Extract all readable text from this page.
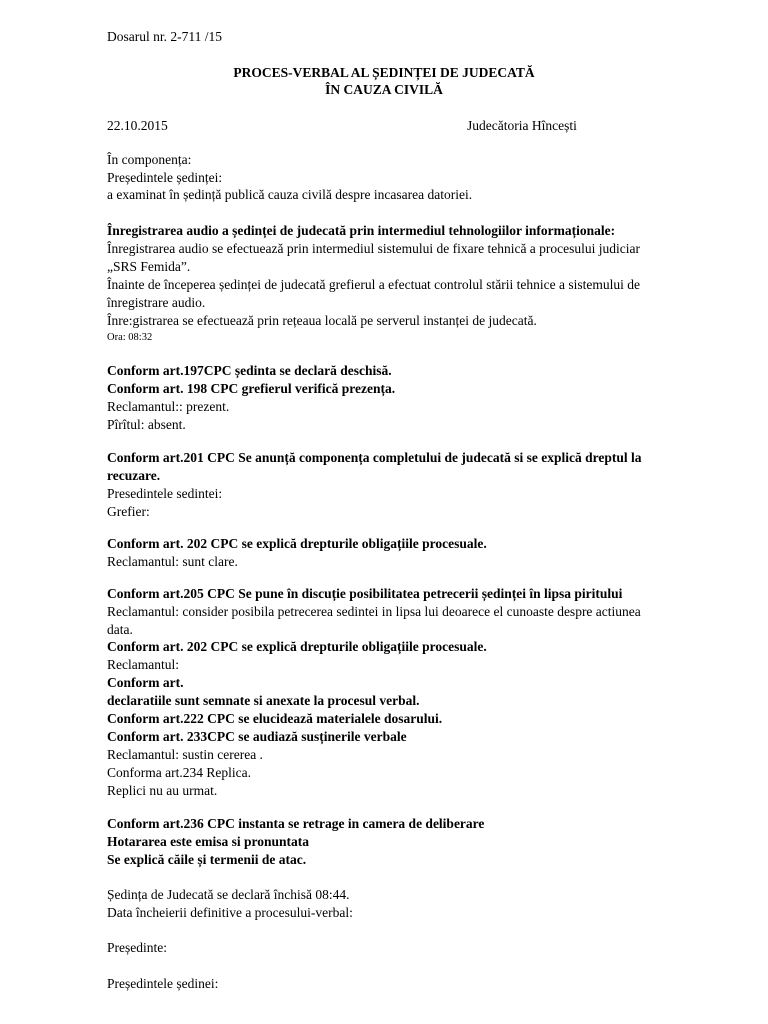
Dosarul nr. 2-711 /15
PROCES-VERBAL AL ȘEDINȚEI DE JUDECATĂ
ÎN CAUZA CIVILĂ
22.10.2015	Judecătoria Hîncești
În componența:
Președintele ședinței:
a examinat în ședință publică cauza civilă despre incasarea datoriei.
Înregistrarea audio a ședinței de judecată prin intermediul tehnologiilor informaționale:
Înregistrarea audio se efectuează prin intermediul sistemului de fixare tehnică a procesului judiciar
„SRS Femida”.
Înainte de începerea ședinței de judecată grefierul a efectuat controlul stării tehnice a sistemului de
înregistrare audio.
Înre:gistrarea se efectuează prin rețeaua locală pe serverul instanței de judecată.
Ora: 08:32
Conform art.197CPC ședinta se declară deschisă.
Conform art. 198 CPC grefierul verifică prezența.
Reclamantul:: prezent.
Pîrîtul: absent.
Conform art.201 CPC Se anunță componența completului de judecată si se explică dreptul la
recuzare.
Presedintele sedintei:
Grefier:
Conform art. 202 CPC se explică drepturile obligațiile procesuale.
Reclamantul: sunt clare.
Conform art.205 CPC Se pune în discuție posibilitatea petrecerii ședinței în lipsa piritului
Reclamantul: consider posibila petrecerea sedintei in lipsa lui deoarece el cunoaste despre actiunea
data.
Conform art. 202 CPC se explică drepturile obligațiile procesuale.
Reclamantul:
Conform art.
declaratiile sunt semnate si anexate la procesul verbal.
Conform art.222 CPC se elucidează materialele dosarului.
Conform art. 233CPC se audiază susținerile verbale
Reclamantul: sustin cererea .
Conforma art.234 Replica.
Replici nu au urmat.
Conform art.236 CPC instanta se retrage in camera de deliberare
Hotararea este emisa si pronuntata
Se explică căile și termenii de atac.
Ședința de Judecată se declară închisă 08:44.
Data încheierii definitive a procesului-verbal:
Președinte:
Președintele ședinei:
